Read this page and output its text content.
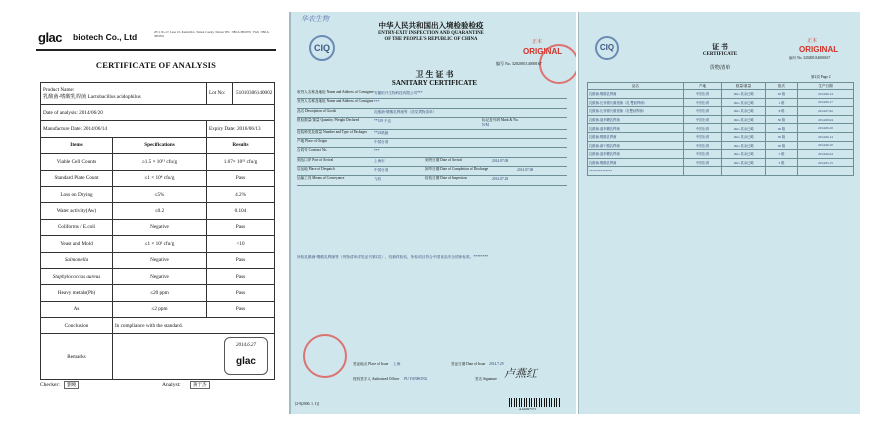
glac biotech Co., Ltd	2F-3, No.17, Lane 23, Jianshi Rd., Tainan County, Taiwan TEL : 886-6-3891876 · FAX : 886-6-3891811
CERTIFICATE OF ANALYSIS
Product Name:
乳酸菌-嗜酸乳桿菌 Lactobacillus acidophilus		Lot No: 51010306140002
Date of analysis: 2014/06/20		
Manufacture Date: 2014/06/14		Expiry Date: 2016/06/13
Items	Specifications	Results
Viable Cell Counts	≥1.5 × 10¹¹ cfu/g	1.67× 10¹¹ cfu/g
Standard Plate Count	≤1 × 10⁴ cfu/g	Pass
Loss on Drying	≤5%	4.2%
Water activity(Aw)	≤0.2	0.104
Coliforms / E.coli	Negative	Pass
Yeast and Mold	≤1 × 10² cfu/g	<10
Salmonella	Negative	Pass
Staphylococcus aureus	Negative	Pass
Heavy metals(Pb)	≤20 ppm	Pass
As	≤2 ppm	Pass
Conclusion	In compliance with the standard.	
Remarks	2014.6.27
glac	
Checker: 劉曉	Analyst:	黃于杰
华农生物
CIQ
中华人民共和国出入境检验检疫
ENTRY-EXIT INSPECTION AND QUARANTINE
OF THE PEOPLE'S REPUBLIC OF CHINA
正本
ORIGINAL
编号 No. 320200114000167
卫 生 证 书
SANITARY CERTIFICATE
收货人名称及地址 Name and Address of Consignee 安徽恒升生物科技有限公司***
发货人名称及地址 Name and Address of Consignor ***
品名 Description of Goods	乳酸菌-嗜酸乳桿菌等（詳見貨物清单）
报检数量/重量 Quantity /Weight Declared	**319 千克	标记及号码 Mark & No.
N/M
包装种类及数量 Number and Type of Packages **23纸箱
产地 Place of Origin	中国台湾
合同号 Contract No.	***
到达口岸 Port of Arrival	上海市	到货日期 Date of Arrival	2014.07.08
启运地 Place of Despatch	中国台湾	卸毕日期 Date of Completion of Discharge	2014.07.08
运输工具 Means of Conveyance	飞机	检验日期 Date of Inspection	2014.07.28
所检乳酸菌-嗜酸乳桿菌等（货物清单详见证书第2页），经抽样检验，所检项目符合中国食品安全国家标准。********
签证地点 Place of Issue 上海	签证日期 Date of Issue 2014.7.29
授权签字人 Authorized Officer PU YANHONG	签名 Signature 卢燕红
[2-9(2000. 1. 1)]
AA0497571
CIQ	证 书
CERTIFICATE
货物清单
正本
ORIGINAL
编号 No. 320200114000167
第2页 Page 2
品名	产地	数量/重量	批次	生产日期
乳酸菌-嗜酸乳桿菌	中国台湾	1KG 其余已略	20 箱	2014.06.14
乳酸菌-比菲德氏龍根菌（乳 雙歧桿菌）	中国台湾	1KG 其余已略	1 箱	2014.06.17
乳酸菌-比菲德氏龍根菌（乳雙歧桿菌）	中国台湾	1KG 其余已略	8 箱	2014.07.02
乳酸菌-鼠李糖乳桿菌	中国台湾	1KG 其余已略	30 箱	2014.06.04
乳酸菌-鼠李糖乳桿菌	中国台湾	1KG 其余已略	30 箱	2014.06.10
乳酸菌-嗜酸乳桿菌	中国台湾	1KG 其余已略	30 箱	2014.06.14
乳酸菌-副干酪乳桿菌	中国台湾	1KG 其余已略	30 箱	2014.06.10
乳酸菌-鼠李糖乳桿菌	中国台湾	1KG 其余已略	5 箱	2014.06.24
乳酸菌-嗜酸乳桿菌	中国台湾	1KG 其余已略	5 箱	2014.05.15
**************				
